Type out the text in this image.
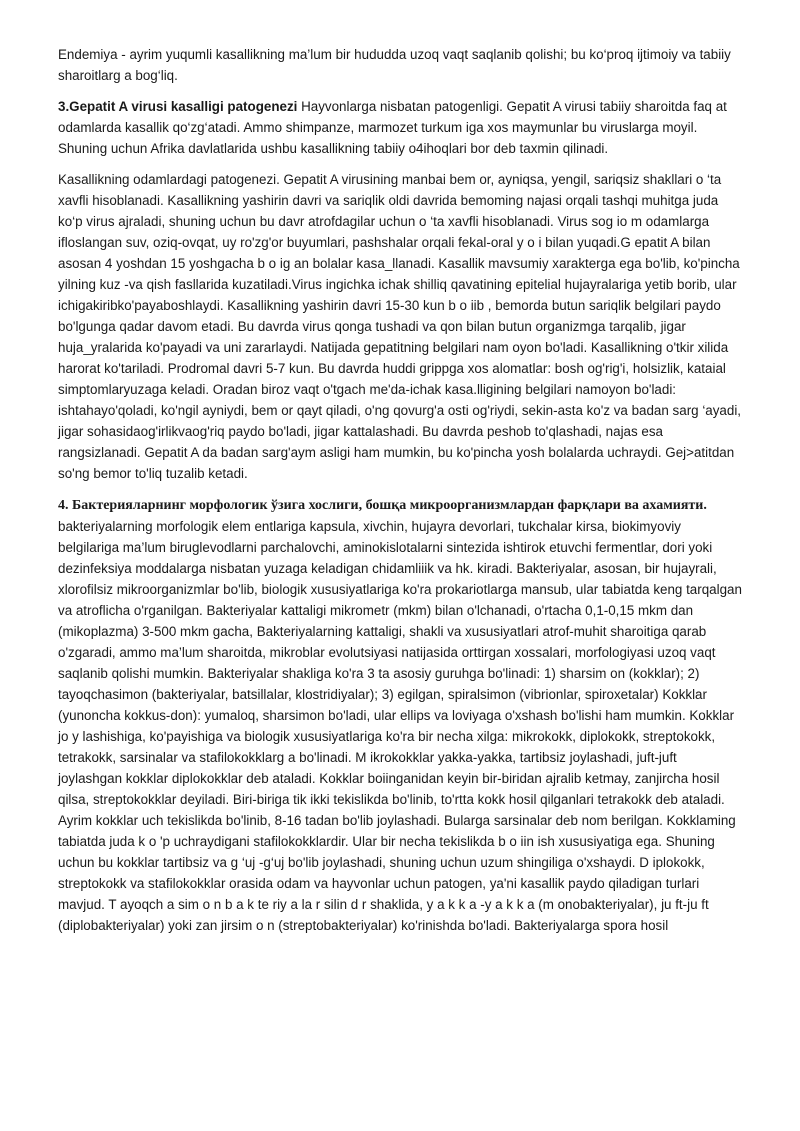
Endemiya - ayrim yuqumli kasallikning ma’lum bir hududda uzoq vaqt saqlanib qolishi; bu ko‘proq ijtimoiy va tabiiy sharoitlarg a bog‘liq.

3.Gepatit A virusi kasalligi patogenezi Hayvonlarga nisbatan patogenligi. Gepatit A virusi tabiiy sharoitda faq at odamlarda kasallik qo‘zg‘atadi. Ammo shimpanze, marmozet turkum iga xos maymunlar bu viruslarga moyil. Shuning uchun Afrika davlatlarida ushbu kasallikning tabiiy o4ihoqlari bor deb taxmin qilinadi.

Kasallikning odamlardagi patogenezi. Gepatit A virusining manbai bem or, ayniqsa, yengil, sariqsiz shakllari o ‘ta xavfli hisoblanadi. Kasallikning yashirin davri va sariqlik oldi davrida bemoming najasi orqali tashqi muhitga juda ko‘p virus ajraladi, shuning uchun bu davr atrofdagilar uchun o ‘ta xavfli hisoblanadi. Virus sog io m odamlarga ifloslangan suv, oziq-ovqat, uy ro'zg'or buyumlari, pashshalar orqali fekal-oral y o i bilan yuqadi.G epatit A bilan asosan 4 yoshdan 15 yoshgacha b o ig an bolalar kasa_llanadi. Kasallik mavsumiy xarakterga ega bo'lib, ko'pincha yilning kuz -va qish fasllarida kuzatiladi.Virus ingichka ichak shilliq qavatining epitelial hujayralariga yetib borib, ular ichigakiribko'payaboshlaydi. Kasallikning yashirin davri 15-30 kun b o iib , bemorda butun sariqlik belgilari paydo bo'lgunga qadar davom etadi. Bu davrda virus qonga tushadi va qon bilan butun organizmga tarqalib, jigar huja_yralarida ko'payadi va uni zararlaydi. Natijada gepatitning belgilari nam oyon bo'ladi. Kasallikning o'tkir xilida harorat ko'tariladi. Prodromal davri 5-7 kun. Bu davrda huddi grippga xos alomatlar: bosh og'rig'i, holsizlik, kataial simptomlaryuzaga keladi. Oradan biroz vaqt o'tgach me'da-ichak kasa.lligining belgilari namoyon bo'ladi: ishtahayo'qoladi, ko'ngil ayniydi, bem or qayt qiladi, o'ng qovurg'a osti og'riydi, sekin-asta ko'z va badan sarg ‘ayadi, jigar sohasidaog'irlikvaog'riq paydo bo'ladi, jigar kattalashadi. Bu davrda peshob to'qlashadi, najas esa rangsizlanadi. Gepatit A da badan sarg'aym asligi ham mumkin, bu ko'pincha yosh bolalarda uchraydi. Gej>atitdan so'ng bemor to'liq tuzalib ketadi.

4. Бактерияларнинг морфологик ўзига хослиги, бошқа микроорганизмлардан фарқлари ва ахамияти. bakteriyalarning morfologik elem entlariga kapsula, xivchin, hujayra devorlari, tukchalar kirsa, biokimyoviy belgilariga ma’lum biruglevodlarni parchalovchi, aminokislotalarni sintezida ishtirok etuvchi fermentlar, dori yoki dezinfeksiya moddalarga nisbatan yuzaga keladigan chidamliiik va hk. kiradi. Bakteriyalar, asosan, bir hujayrali, xlorofilsiz mikroorganizmlar bo'lib, biologik xususiyatlariga ko'ra prokariotlarga mansub, ular tabiatda keng tarqalgan va atroflicha o'rganilgan. Bakteriyalar kattaligi mikrometr (mkm) bilan o'lchanadi, o'rtacha 0,1-0,15 mkm dan (mikoplazma) 3-500 mkm gacha, Bakteriyalarning kattaligi, shakli va xususiyatlari atrof-muhit sharoitiga qarab o'zgaradi, ammo ma’lum sharoitda, mikroblar evolutsiyasi natijasida orttirgan xossalari, morfologiyasi uzoq vaqt saqlanib qolishi mumkin. Bakteriyalar shakliga ko'ra 3 ta asosiy guruhga bo'linadi: 1) sharsim on (kokklar); 2) tayoqchasimon (bakteriyalar, batsillalar, klostridiyalar); 3) egilgan, spiralsimon (vibrionlar, spiroxetalar) Kokklar (yunoncha kokkus-don): yumaloq, sharsimon bo'ladi, ular ellips va loviyaga o'xshash bo'lishi ham mumkin. Kokklar jo y lashishiga, ko'payishiga va biologik xususiyatlariga ko'ra bir necha xilga: mikrokokk, diplokokk, streptokokk, tetrakokk, sarsinalar va stafilokokklarg a bo'linadi. M ikrokokklar yakka-yakka, tartibsiz joylashadi, juft-juft joylashgan kokklar diplokokklar deb ataladi. Kokklar boiinganidan keyin bir-biridan ajralib ketmay, zanjircha hosil qilsa, streptokokklar deyiladi. Biri-biriga tik ikki tekislikda bo'linib, to'rtta kokk hosil qilganlari tetrakokk deb ataladi. Ayrim kokklar uch tekislikda bo'linib, 8-16 tadan bo'lib joylashadi. Bularga sarsinalar deb nom berilgan. Kokklaming tabiatda juda k o 'p uchraydigani stafilokokklardir. Ular bir necha tekislikda b o iin ish xususiyatiga ega. Shuning uchun bu kokklar tartibsiz va g ‘uj -g‘uj bo'lib joylashadi, shuning uchun uzum shingiliga o'xshaydi. D iplokokk, streptokokk va stafilokokklar orasida odam va hayvonlar uchun patogen, ya'ni kasallik paydo qiladigan turlari mavjud. T ayoqch a sim o n b a k te riy a la r silin d r shaklida, y a k k a -y a k k a (m onobakteriyalar), ju ft-ju ft (diplobakteriyalar) yoki zan jirsim o n (streptobakteriyalar) ko'rinishda bo'ladi. Bakteriyalarga spora hosil
